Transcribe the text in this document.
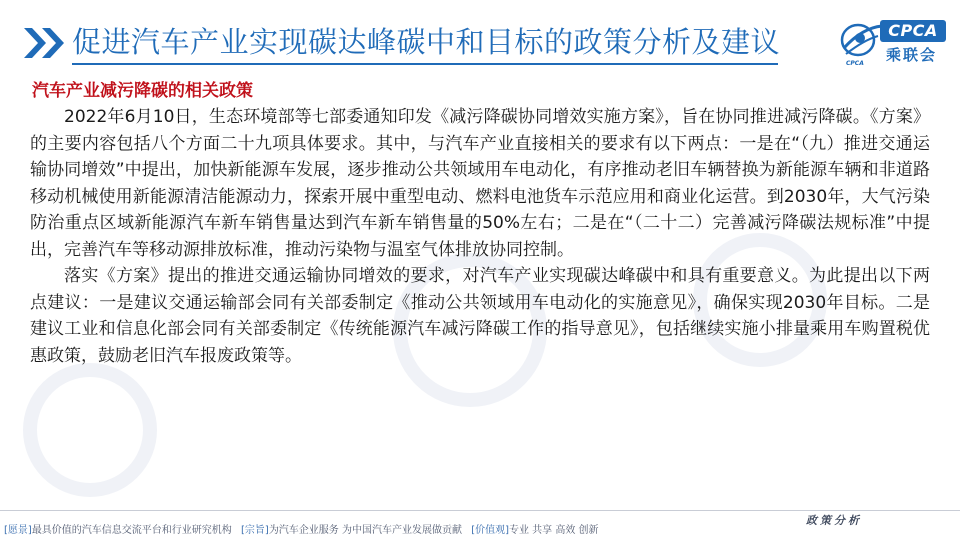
促进汽车产业实现碳达峰碳中和目标的政策分析及建议	CPCA
乘联会
CPCA
汽车产业减污降碳的相关政策

2022年6月10日，生态环境部等七部委通知印发《减污降碳协同增效实施方案》，旨在协同推进减污降碳。《方案》的主要内容包括八个方面二十九项具体要求。其中，与汽车产业直接相关的要求有以下两点：一是在“（九）推进交通运输协同增效”中提出，加快新能源车发展，逐步推动公共领域用车电动化，有序推动老旧车辆替换为新能源车辆和非道路移动机械使用新能源清洁能源动力，探索开展中重型电动、燃料电池货车示范应用和商业化运营。到2030年，大气污染防治重点区域新能源汽车新车销售量达到汽车新车销售量的50%左右；二是在“（二十二）完善减污降碳法规标准”中提出，完善汽车等移动源排放标准，推动污染物与温室气体排放协同控制。

落实《方案》提出的推进交通运输协同增效的要求，对汽车产业实现碳达峰碳中和具有重要意义。为此提出以下两点建议：一是建议交通运输部会同有关部委制定《推动公共领域用车电动化的实施意见》，确保实现2030年目标。二是建议工业和信息化部会同有关部委制定《传统能源汽车减污降碳工作的指导意见》，包括继续实施小排量乘用车购置税优惠政策，鼓励老旧汽车报废政策等。

政策分析
[愿景]最具价值的汽车信息交流平台和行业研究机构 [宗旨]为汽车企业服务 为中国汽车产业发展做贡献 [价值观]专业 共享 高效 创新
